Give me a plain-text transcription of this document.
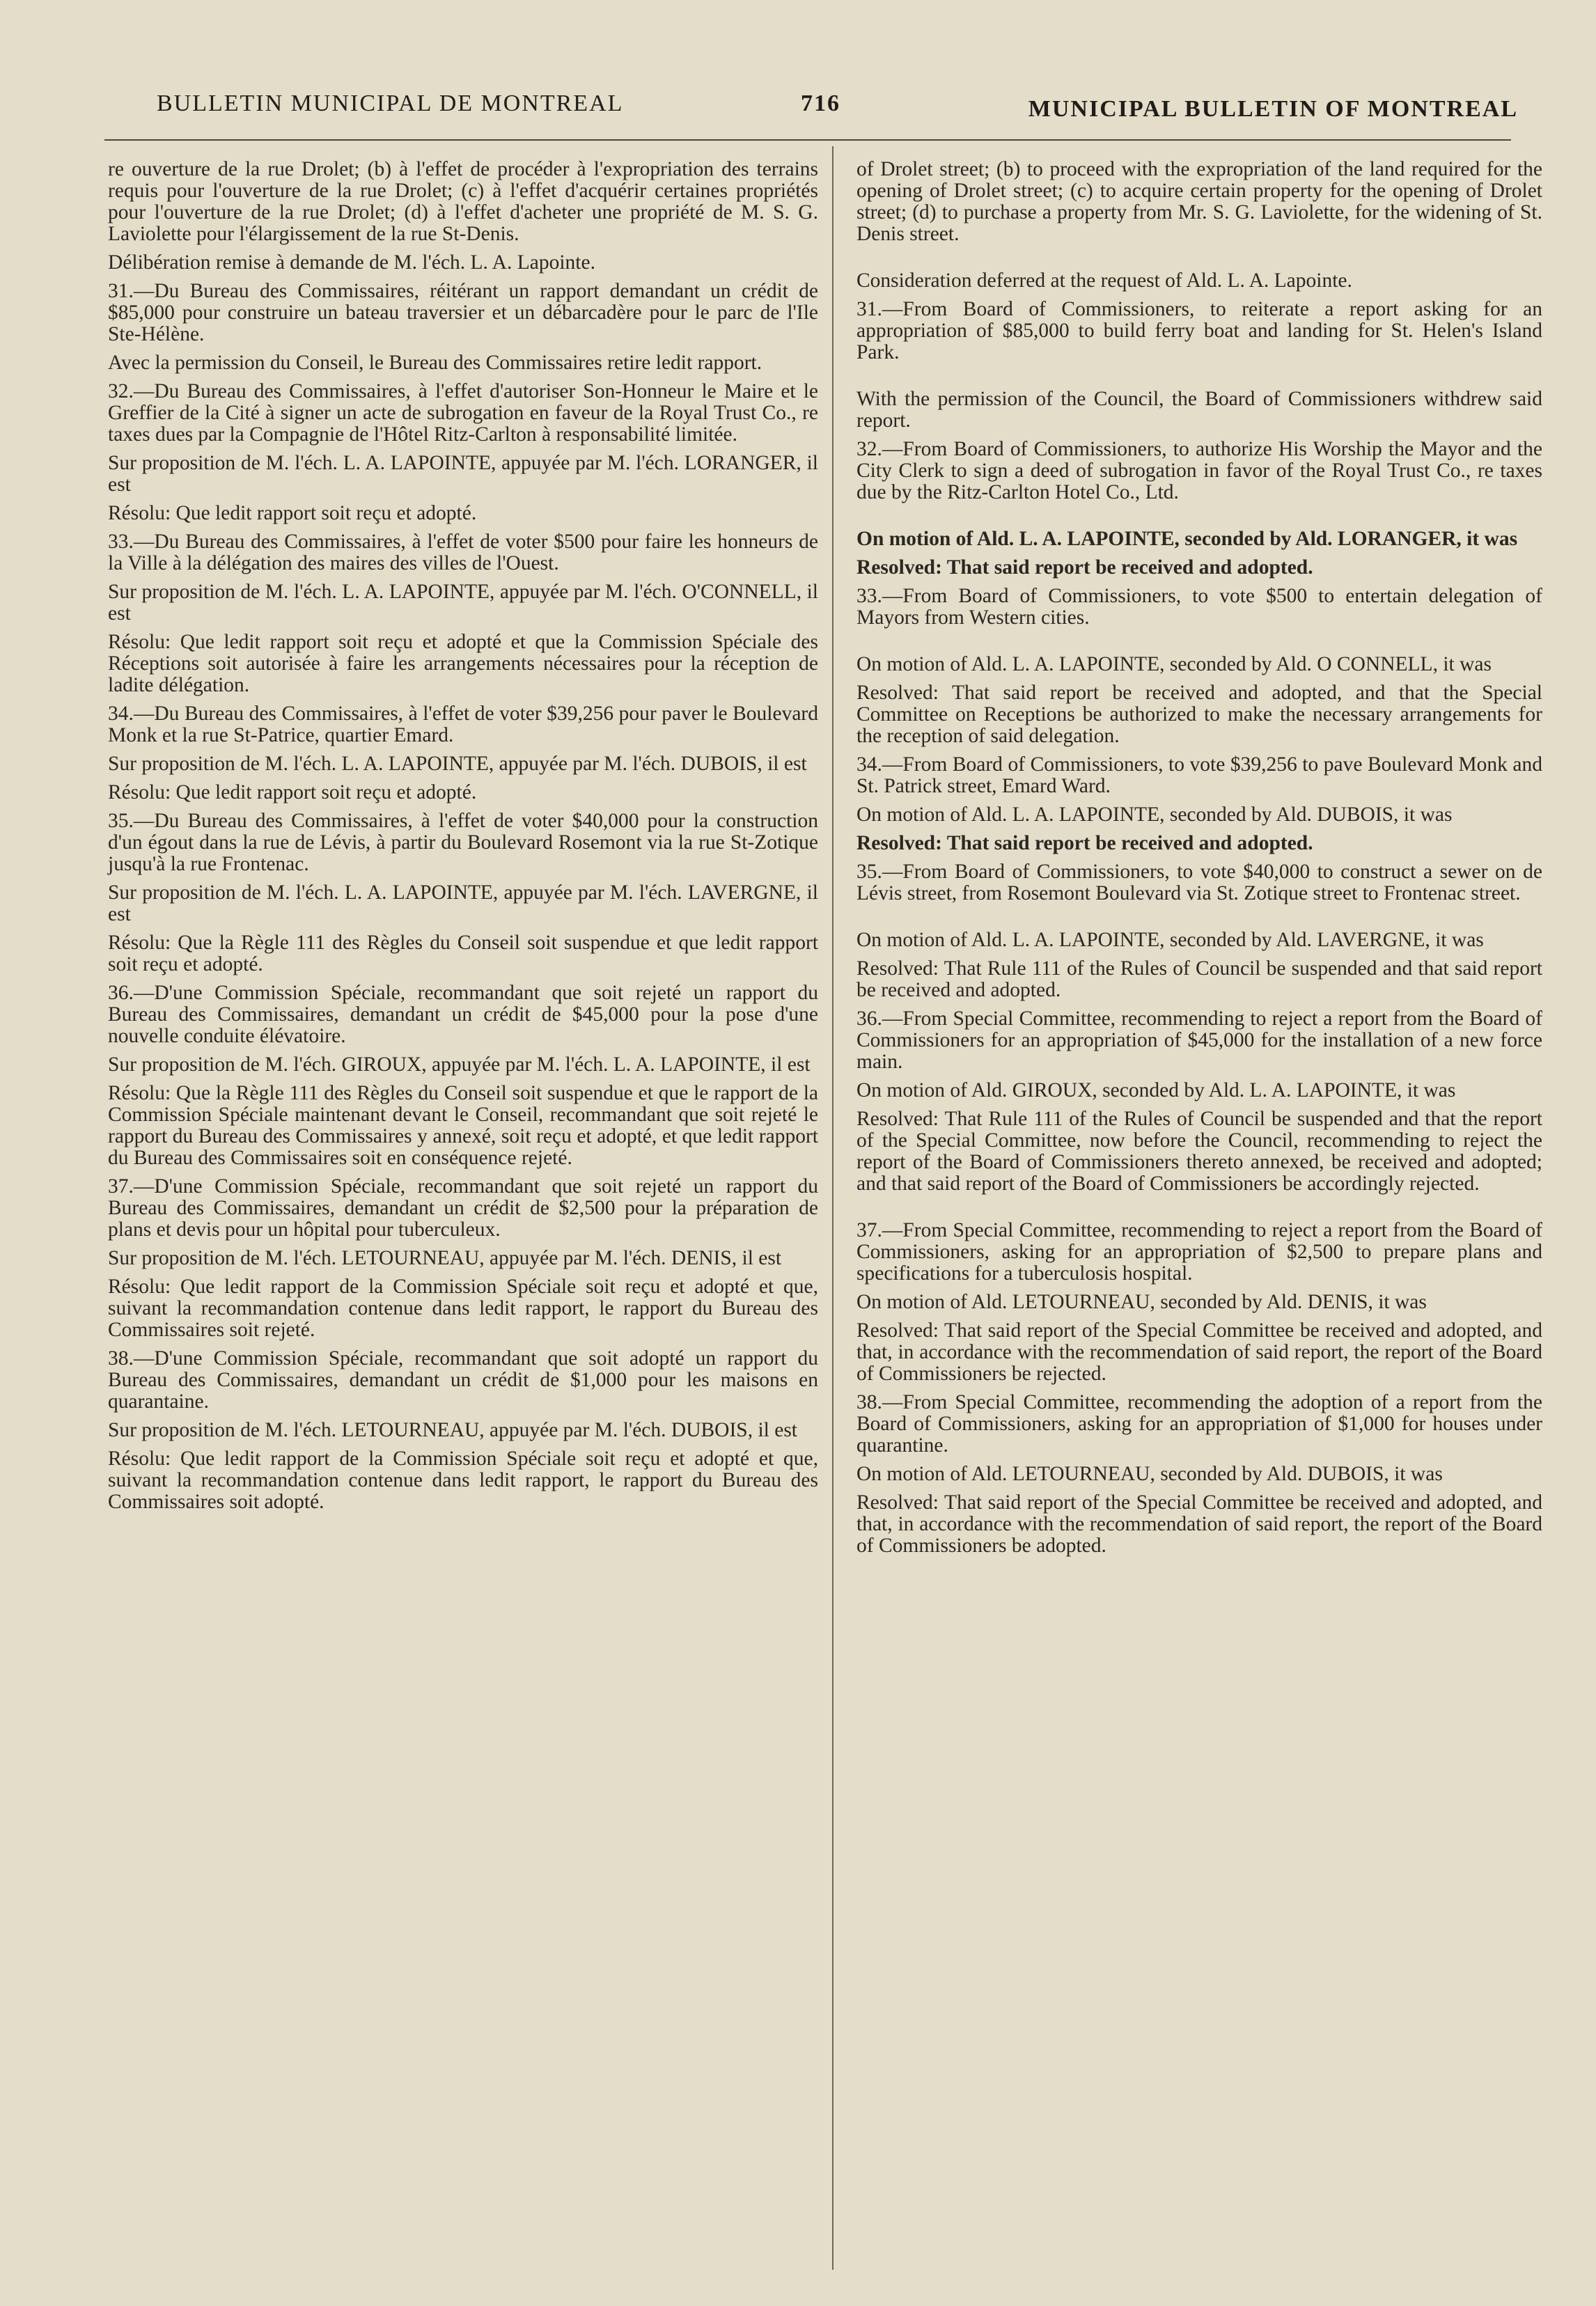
BULLETIN MUNICIPAL DE MONTREAL	716	MUNICIPAL BULLETIN OF MONTREAL

re ouverture de la rue Drolet; (b) à l'effet de procéder à l'expropriation des terrains requis pour l'ouverture de la rue Drolet; (c) à l'effet d'acquérir certaines propriétés pour l'ouverture de la rue Drolet; (d) à l'effet d'acheter une propriété de M. S. G. Laviolette pour l'élargissement de la rue St-Denis.

Délibération remise à demande de M. l'éch. L. A. Lapointe.

31.—Du Bureau des Commissaires, réitérant un rapport demandant un crédit de $85,000 pour construire un bateau traversier et un débarcadère pour le parc de l'Ile Ste-Hélène.

Avec la permission du Conseil, le Bureau des Commissaires retire ledit rapport.

32.—Du Bureau des Commissaires, à l'effet d'autoriser Son-Honneur le Maire et le Greffier de la Cité à signer un acte de subrogation en faveur de la Royal Trust Co., re taxes dues par la Compagnie de l'Hôtel Ritz-Carlton à responsabilité limitée.

Sur proposition de M. l'éch. L. A. LAPOINTE, appuyée par M. l'éch. LORANGER, il est

Résolu: Que ledit rapport soit reçu et adopté.

33.—Du Bureau des Commissaires, à l'effet de voter $500 pour faire les honneurs de la Ville à la délégation des maires des villes de l'Ouest.

Sur proposition de M. l'éch. L. A. LAPOINTE, appuyée par M. l'éch. O'CONNELL, il est

Résolu: Que ledit rapport soit reçu et adopté et que la Commission Spéciale des Réceptions soit autorisée à faire les arrangements nécessaires pour la réception de ladite délégation.

34.—Du Bureau des Commissaires, à l'effet de voter $39,256 pour paver le Boulevard Monk et la rue St-Patrice, quartier Emard.

Sur proposition de M. l'éch. L. A. LAPOINTE, appuyée par M. l'éch. DUBOIS, il est

Résolu: Que ledit rapport soit reçu et adopté.

35.—Du Bureau des Commissaires, à l'effet de voter $40,000 pour la construction d'un égout dans la rue de Lévis, à partir du Boulevard Rosemont via la rue St-Zotique jusqu'à la rue Frontenac.

Sur proposition de M. l'éch. L. A. LAPOINTE, appuyée par M. l'éch. LAVERGNE, il est

Résolu: Que la Règle 111 des Règles du Conseil soit suspendue et que ledit rapport soit reçu et adopté.

36.—D'une Commission Spéciale, recommandant que soit rejeté un rapport du Bureau des Commissaires, demandant un crédit de $45,000 pour la pose d'une nouvelle conduite élévatoire.

Sur proposition de M. l'éch. GIROUX, appuyée par M. l'éch. L. A. LAPOINTE, il est

Résolu: Que la Règle 111 des Règles du Conseil soit suspendue et que le rapport de la Commission Spéciale maintenant devant le Conseil, recommandant que soit rejeté le rapport du Bureau des Commissaires y annexé, soit reçu et adopté, et que ledit rapport du Bureau des Commissaires soit en conséquence rejeté.

37.—D'une Commission Spéciale, recommandant que soit rejeté un rapport du Bureau des Commissaires, demandant un crédit de $2,500 pour la préparation de plans et devis pour un hôpital pour tuberculeux.

Sur proposition de M. l'éch. LETOURNEAU, appuyée par M. l'éch. DENIS, il est

Résolu: Que ledit rapport de la Commission Spéciale soit reçu et adopté et que, suivant la recommandation contenue dans ledit rapport, le rapport du Bureau des Commissaires soit rejeté.

38.—D'une Commission Spéciale, recommandant que soit adopté un rapport du Bureau des Commissaires, demandant un crédit de $1,000 pour les maisons en quarantaine.

Sur proposition de M. l'éch. LETOURNEAU, appuyée par M. l'éch. DUBOIS, il est

Résolu: Que ledit rapport de la Commission Spéciale soit reçu et adopté et que, suivant la recommandation contenue dans ledit rapport, le rapport du Bureau des Commissaires soit adopté.

of Drolet street; (b) to proceed with the expropriation of the land required for the opening of Drolet street; (c) to acquire certain property for the opening of Drolet street; (d) to purchase a property from Mr. S. G. Laviolette, for the widening of St. Denis street.

Consideration deferred at the request of Ald. L. A. Lapointe.

31.—From Board of Commissioners, to reiterate a report asking for an appropriation of $85,000 to build ferry boat and landing for St. Helen's Island Park.

With the permission of the Council, the Board of Commissioners withdrew said report.

32.—From Board of Commissioners, to authorize His Worship the Mayor and the City Clerk to sign a deed of subrogation in favor of the Royal Trust Co., re taxes due by the Ritz-Carlton Hotel Co., Ltd.

On motion of Ald. L. A. LAPOINTE, seconded by Ald. LORANGER, it was

Resolved: That said report be received and adopted.

33.—From Board of Commissioners, to vote $500 to entertain delegation of Mayors from Western cities.

On motion of Ald. L. A. LAPOINTE, seconded by Ald. O CONNELL, it was

Resolved: That said report be received and adopted, and that the Special Committee on Receptions be authorized to make the necessary arrangements for the reception of said delegation.

34.—From Board of Commissioners, to vote $39,256 to pave Boulevard Monk and St. Patrick street, Emard Ward.

On motion of Ald. L. A. LAPOINTE, seconded by Ald. DUBOIS, it was

Resolved: That said report be received and adopted.

35.—From Board of Commissioners, to vote $40,000 to construct a sewer on de Lévis street, from Rosemont Boulevard via St. Zotique street to Frontenac street.

On motion of Ald. L. A. LAPOINTE, seconded by Ald. LAVERGNE, it was

Resolved: That Rule 111 of the Rules of Council be suspended and that said report be received and adopted.

36.—From Special Committee, recommending to reject a report from the Board of Commissioners for an appropriation of $45,000 for the installation of a new force main.

On motion of Ald. GIROUX, seconded by Ald. L. A. LAPOINTE, it was

Resolved: That Rule 111 of the Rules of Council be suspended and that the report of the Special Committee, now before the Council, recommending to reject the report of the Board of Commissioners thereto annexed, be received and adopted; and that said report of the Board of Commissioners be accordingly rejected.

37.—From Special Committee, recommending to reject a report from the Board of Commissioners, asking for an appropriation of $2,500 to prepare plans and specifications for a tuberculosis hospital.

On motion of Ald. LETOURNEAU, seconded by Ald. DENIS, it was

Resolved: That said report of the Special Committee be received and adopted, and that, in accordance with the recommendation of said report, the report of the Board of Commissioners be rejected.

38.—From Special Committee, recommending the adoption of a report from the Board of Commissioners, asking for an appropriation of $1,000 for houses under quarantine.

On motion of Ald. LETOURNEAU, seconded by Ald. DUBOIS, it was

Resolved: That said report of the Special Committee be received and adopted, and that, in accordance with the recommendation of said report, the report of the Board of Commissioners be adopted.
